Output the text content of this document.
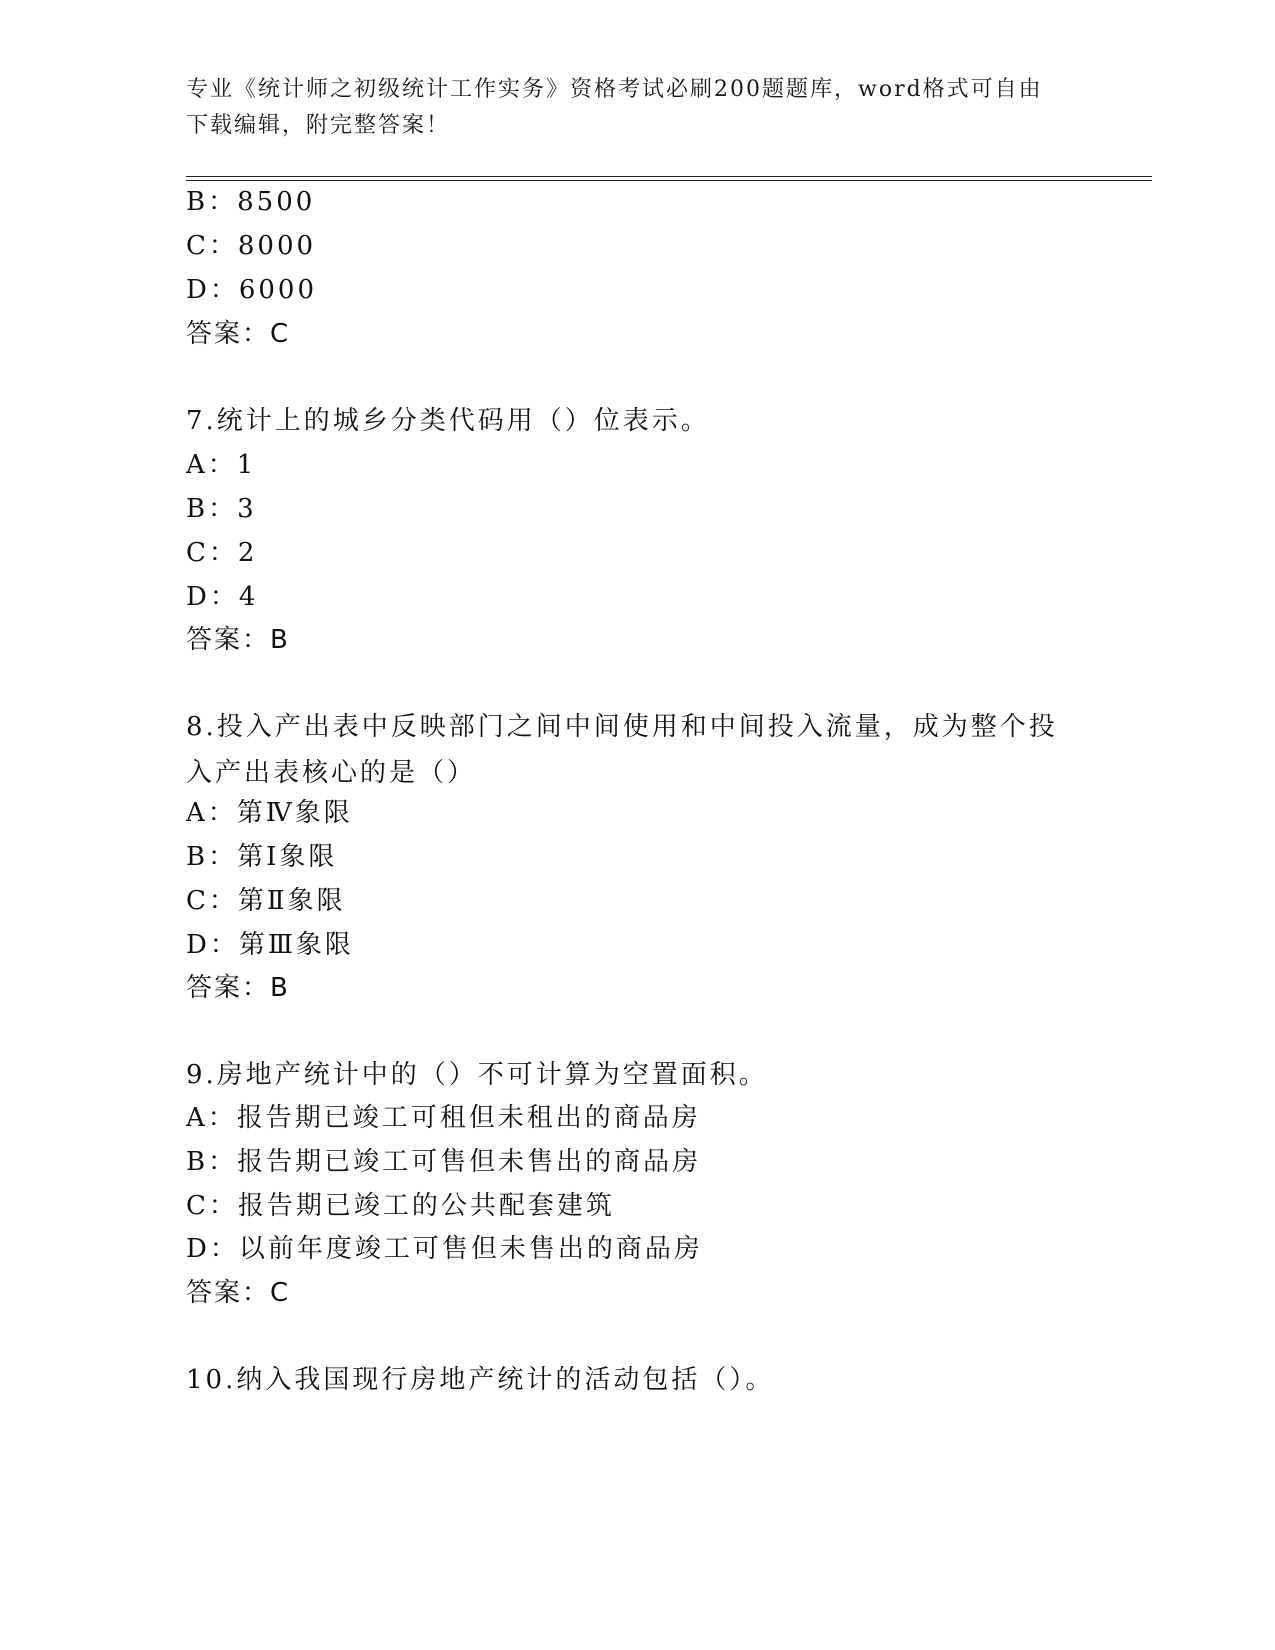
专业《统计师之初级统计工作实务》资格考试必刷200题题库，word格式可自由下载编辑，附完整答案！
B：8500
C：8000
D：6000
答案：C
7.统计上的城乡分类代码用（）位表示。
A：1
B：3
C：2
D：4
答案：B
8.投入产出表中反映部门之间中间使用和中间投入流量，成为整个投入产出表核心的是（）
A：第Ⅳ象限
B：第Ⅰ象限
C：第Ⅱ象限
D：第Ⅲ象限
答案：B
9.房地产统计中的（）不可计算为空置面积。
A：报告期已竣工可租但未租出的商品房
B：报告期已竣工可售但未售出的商品房
C：报告期已竣工的公共配套建筑
D：以前年度竣工可售但未售出的商品房
答案：C
10.纳入我国现行房地产统计的活动包括（）。
